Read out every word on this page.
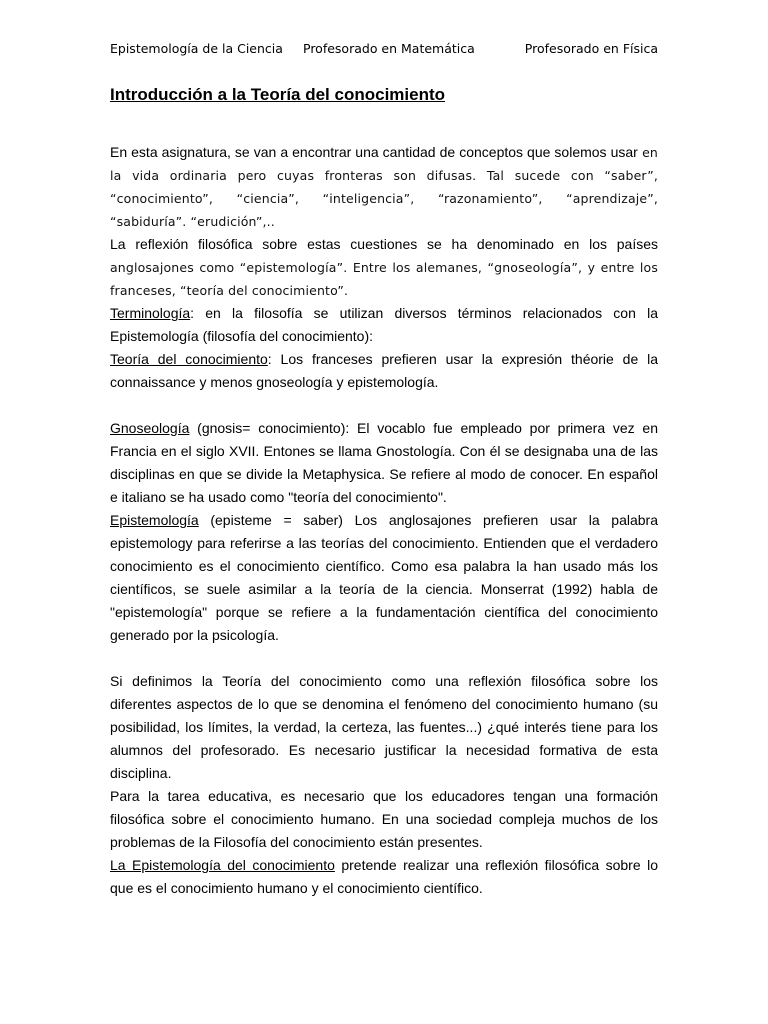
Epistemología de la Ciencia Profesorado en Matemática	Profesorado en Física
Introducción a la Teoría del conocimiento

En esta asignatura, se van a encontrar una cantidad de conceptos que solemos usar en la vida ordinaria pero cuyas fronteras son difusas. Tal sucede con “saber”, “conocimiento”, “ciencia”, “inteligencia”, “razonamiento”, “aprendizaje”, “sabiduría”. “erudición”,..

La reflexión filosófica sobre estas cuestiones se ha denominado en los países anglosajones como “epistemología”. Entre los alemanes, “gnoseología”, y entre los franceses, “teoría del conocimiento”.

Terminología: en la filosofía se utilizan diversos términos relacionados con la Epistemología (filosofía del conocimiento):

Teoría del conocimiento: Los franceses prefieren usar la expresión théorie de la connaissance y menos gnoseología y epistemología.

Gnoseología (gnosis= conocimiento): El vocablo fue empleado por primera vez en Francia en el siglo XVII. Entones se llama Gnostología. Con él se designaba una de las disciplinas en que se divide la Metaphysica. Se refiere al modo de conocer. En español e italiano se ha usado como "teoría del conocimiento".

Epistemología (episteme = saber) Los anglosajones prefieren usar la palabra epistemology para referirse a las teorías del conocimiento. Entienden que el verdadero conocimiento es el conocimiento científico. Como esa palabra la han usado más los científicos, se suele asimilar a la teoría de la ciencia. Monserrat (1992) habla de "epistemología" porque se refiere a la fundamentación científica del conocimiento generado por la psicología.

Si definimos la Teoría del conocimiento como una reflexión filosófica sobre los diferentes aspectos de lo que se denomina el fenómeno del conocimiento humano (su posibilidad, los límites, la verdad, la certeza, las fuentes...) ¿qué interés tiene para los alumnos del profesorado. Es necesario justificar la necesidad formativa de esta disciplina.

Para la tarea educativa, es necesario que los educadores tengan una formación filosófica sobre el conocimiento humano. En una sociedad compleja muchos de los problemas de la Filosofía del conocimiento están presentes.

La Epistemología del conocimiento pretende realizar una reflexión filosófica sobre lo que es el conocimiento humano y el conocimiento científico.
